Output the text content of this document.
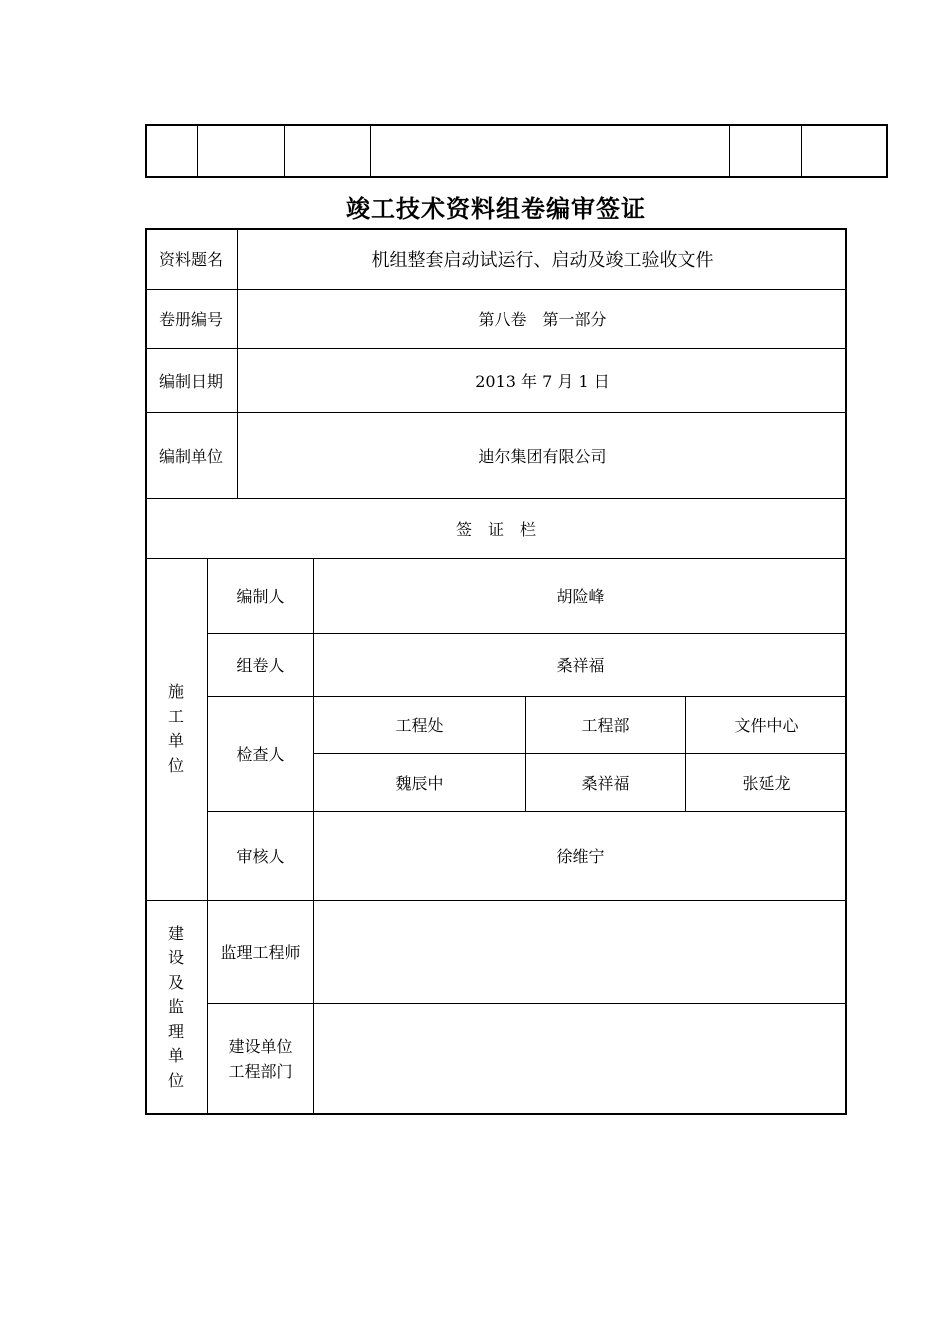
竣工技术资料组卷编审签证
资料题名	机组整套启动试运行、启动及竣工验收文件
卷册编号	第八卷　第一部分
编制日期	2013 年 7 月 1 日
编制单位	迪尔集团有限公司
签　证　栏
施
工
单
位
编制人	胡险峰
组卷人	桑祥福
检查人
工程处	工程部	文件中心
魏辰中	桑祥福	张延龙
审核人	徐维宁
建
设
及
监
理
单
位
监理工程师
建设单位
工程部门
